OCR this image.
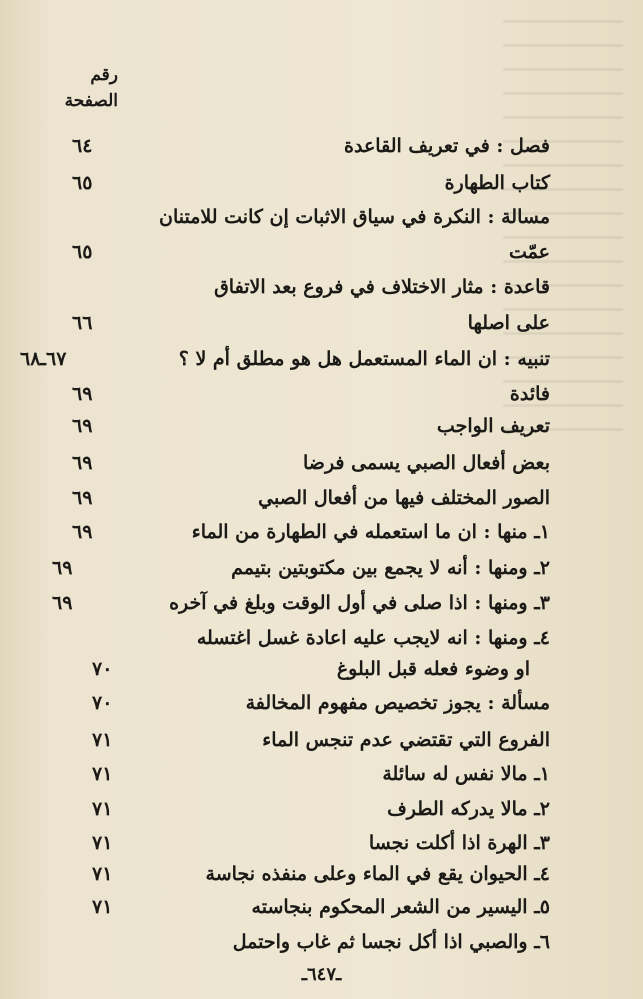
رقم
الصفحة
٦٤	فصل : في تعريف القاعدة
٦٥	كتاب الطهارة
مسالة : النكرة في سياق الاثبات إن كانت للامتنان
٦٥	عمّت
قاعدة : مثار الاختلاف في فروع بعد الاتفاق
٦٦	على اصلها
٦٧ـ٦٨	تنبيه : ان الماء المستعمل هل هو مطلق أم لا ؟
٦٩	فائدة
٦٩	تعريف الواجب
٦٩	بعض أفعال الصبي يسمى فرضا
٦٩	الصور المختلف فيها من أفعال الصبي
٦٩	١ـ منها : ان ما استعمله في الطهارة من الماء
٦٩	٢ـ ومنها : أنه لا يجمع بين مكتوبتين بتيمم
٦٩	٣ـ ومنها : اذا صلى في أول الوقت وبلغ في آخره
٤ـ ومنها : انه لايجب عليه اعادة غسل اغتسله
٧٠	او وضوء فعله قبل البلوغ
٧٠	مسألة : يجوز تخصيص مفهوم المخالفة
٧١	الفروع التي تقتضي عدم تنجس الماء
٧١	١ـ مالا نفس له سائلة
٧١	٢ـ مالا يدركه الطرف
٧١	٣ـ الهرة اذا أكلت نجسا
٧١	٤ـ الحيوان يقع في الماء وعلى منفذه نجاسة
٧١	٥ـ اليسير من الشعر المحكوم بنجاسته
٦ـ والصبي اذا أكل نجسا ثم غاب واحتمل
ـ٦٤٧ـ
